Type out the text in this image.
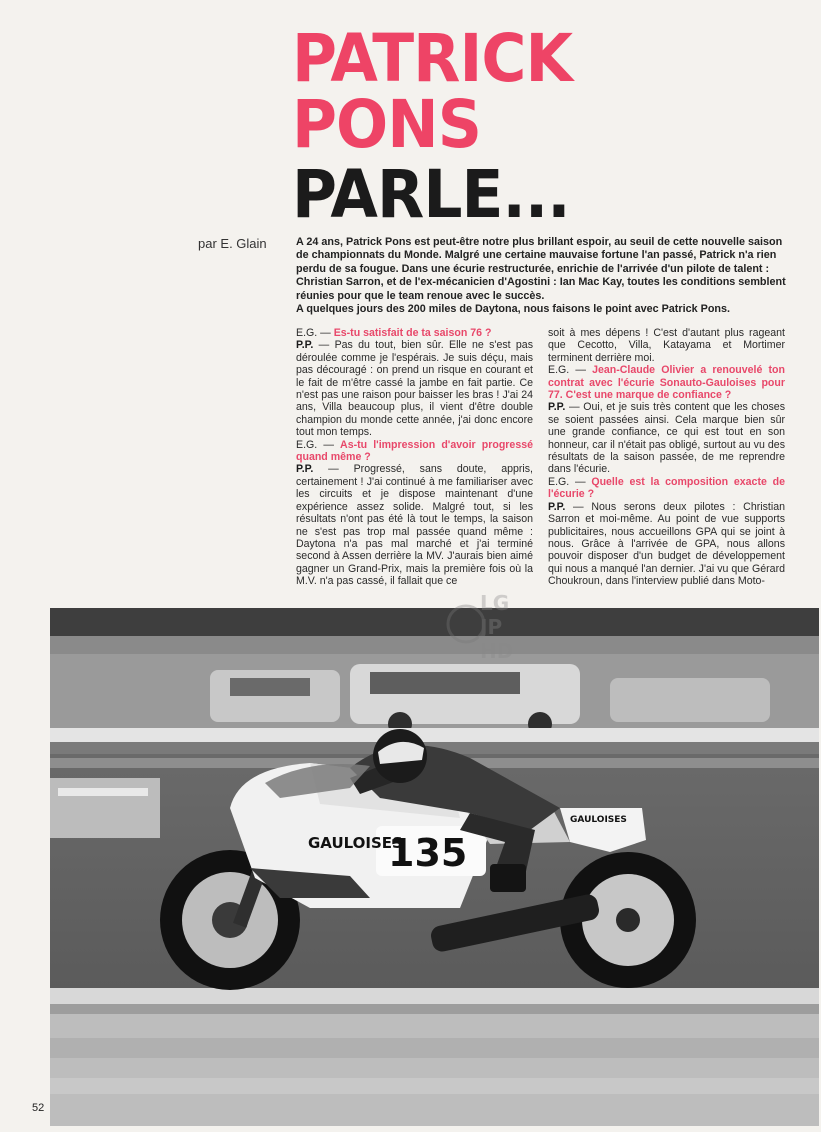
PATRICK PONS
PARLE...
par E. Glain	A 24 ans, Patrick Pons est peut-être notre plus brillant espoir, au seuil de cette nouvelle saison de championnats du Monde. Malgré une certaine mauvaise fortune l'an passé, Patrick n'a rien perdu de sa fougue. Dans une écurie restructurée, enrichie de l'arrivée d'un pilote de talent : Christian Sarron, et de l'ex-mécanicien d'Agostini : Ian Mac Kay, toutes les conditions semblent réunies pour que le team renoue avec le succès.

A quelques jours des 200 miles de Daytona, nous faisons le point avec Patrick Pons.

E.G. — Es-tu satisfait de ta saison 76 ?

P.P. — Pas du tout, bien sûr. Elle ne s'est pas déroulée comme je l'espérais. Je suis déçu, mais pas découragé : on prend un risque en courant et le fait de m'être cassé la jambe en fait partie. Ce n'est pas une raison pour baisser les bras ! J'ai 24 ans, Villa beaucoup plus, il vient d'être double champion du monde cette année, j'ai donc encore tout mon temps.

E.G. — As-tu l'impression d'avoir progressé quand même ?

P.P. — Progressé, sans doute, appris, certainement ! J'ai continué à me familiariser avec les circuits et je dispose maintenant d'une expérience assez solide. Malgré tout, si les résultats n'ont pas été là tout le temps, la saison ne s'est pas trop mal passée quand même : Daytona n'a pas mal marché et j'ai terminé second à Assen derrière la MV. J'aurais bien aimé gagner un Grand-Prix, mais la première fois où la M.V. n'a pas cassé, il fallait que ce

soit à mes dépens ! C'est d'autant plus rageant que Cecotto, Villa, Katayama et Mortimer terminent derrière moi.

E.G. — Jean-Claude Olivier a renouvelé ton contrat avec l'écurie Sonauto-Gauloises pour 77. C'est une marque de confiance ?

P.P. — Oui, et je suis très content que les choses se soient passées ainsi. Cela marque bien sûr une grande confiance, ce qui est tout en son honneur, car il n'était pas obligé, surtout au vu des résultats de la saison passée, de me reprendre dans l'écurie.

E.G. — Quelle est la composition exacte de l'écurie ?

P.P. — Nous serons deux pilotes : Christian Sarron et moi-même. Au point de vue supports publicitaires, nous accueillons GPA qui se joint à nous. Grâce à l'arrivée de GPA, nous allons pouvoir disposer d'un budget de développement qui nous a manqué l'an dernier. J'ai vu que Gérard Choukroun, dans l'interview publié dans Moto-

135
GAULOISES
GAULOISES
LG
JP
HD
52
